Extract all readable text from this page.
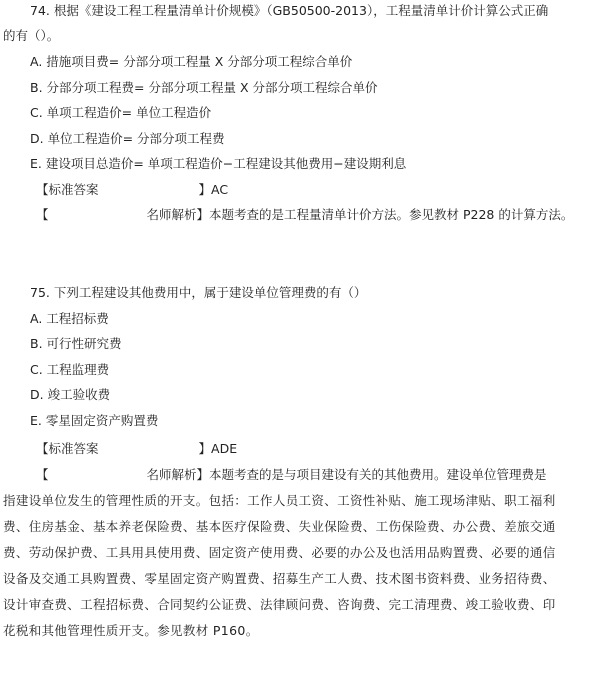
74. 根据《建设工程工程量清单计价规模》（GB50500-2013），工程量清单计价计算公式正确
的有（）。
A. 措施项目费= 分部分项工程量 X 分部分项工程综合单价
B. 分部分项工程费= 分部分项工程量 X 分部分项工程综合单价
C. 单项工程造价= 单位工程造价
D. 单位工程造价= 分部分项工程费
E. 建设项目总造价= 单项工程造价−工程建设其他费用−建设期利息
【标准答案	】AC
【	名师解析】本题考查的是工程量清单计价方法。参见教材 P228 的计算方法。
75. 下列工程建设其他费用中，属于建设单位管理费的有（）
A. 工程招标费
B. 可行性研究费
C. 工程监理费
D. 竣工验收费
E. 零星固定资产购置费
【标准答案	】ADE
【	名师解析】本题考查的是与项目建设有关的其他费用。建设单位管理费是
指建设单位发生的管理性质的开支。包括：工作人员工资、工资性补贴、施工现场津贴、职工福利
费、住房基金、基本养老保险费、基本医疗保险费、失业保险费、工伤保险费、办公费、差旅交通
费、劳动保护费、工具用具使用费、固定资产使用费、必要的办公及也活用品购置费、必要的通信
设备及交通工具购置费、零星固定资产购置费、招募生产工人费、技术图书资料费、业务招待费、
设计审查费、工程招标费、合同契约公证费、法律顾问费、咨询费、完工清理费、竣工验收费、印
花税和其他管理性质开支。参见教材 P160。
